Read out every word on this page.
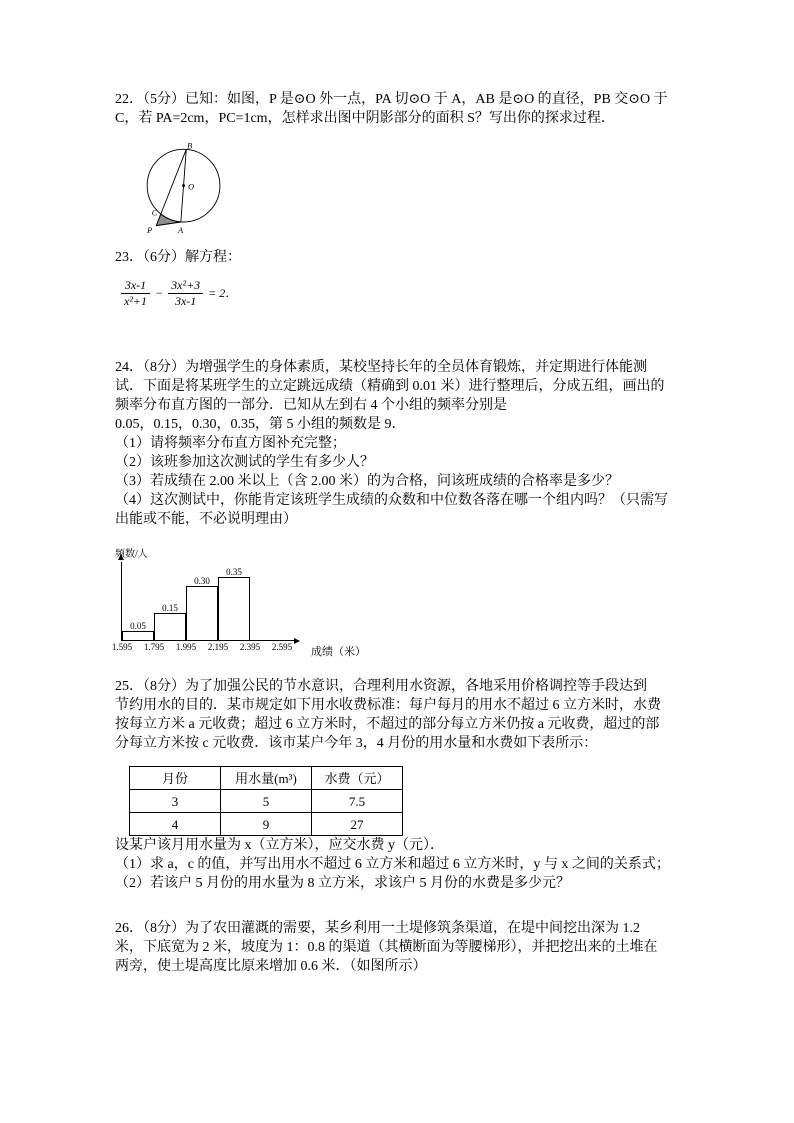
22．（5分）已知：如图，P 是⊙O 外一点，PA 切⊙O 于 A，AB 是⊙O 的直径，PB 交⊙O 于

C，若 PA=2cm，PC=1cm，怎样求出图中阴影部分的面积 S？写出你的探求过程．

B
O
C
P	A

23．（6分）解方程：

$\frac{3x-1}{\text{x²+1}} - \frac{\text{3x²+3}}{3x-1} = 2$．

24．（8分）为增强学生的身体素质，某校坚持长年的全员体育锻炼，并定期进行体能测

试．下面是将某班学生的立定跳远成绩（精确到 0.01 米）进行整理后，分成五组，画出的

频率分布直方图的一部分．已知从左到右 4 个小组的频率分别是

0.05，0.15，0.30，0.35，第 5 小组的频数是 9．

（1）请将频率分布直方图补充完整；

（2）该班参加这次测试的学生有多少人？

（3）若成绩在 2.00 米以上（含 2.00 米）的为合格，问该班成绩的合格率是多少？

（4）这次测试中，你能肯定该班学生成绩的众数和中位数各落在哪一个组内吗？（只需写

出能或不能，不必说明理由）

频数/人
0.05
0.15
0.30
0.35
1.595 1.795 1.995 2.195 2.395 2.595 成绩（米）

25．（8分）为了加强公民的节水意识，合理利用水资源，各地采用价格调控等手段达到

节约用水的目的．某市规定如下用水收费标准：每户每月的用水不超过 6 立方米时，水费

按每立方米 a 元收费；超过 6 立方米时，不超过的部分每立方米仍按 a 元收费，超过的部

分每立方米按 c 元收费．该市某户今年 3，4 月份的用水量和水费如下表所示：

月份	用水量(m³)	水费（元）
3	5	7.5
4	9	27

设某户该月用水量为 x（立方米），应交水费 y（元）．

（1）求 a，c 的值，并写出用水不超过 6 立方米和超过 6 立方米时，y 与 x 之间的关系式；

（2）若该户 5 月份的用水量为 8 立方米，求该户 5 月份的水费是多少元？

26．（8分）为了农田灌溉的需要，某乡利用一土堤修筑条渠道，在堤中间挖出深为 1.2

米，下底宽为 2 米，坡度为 1：0.8 的渠道（其横断面为等腰梯形），并把挖出来的土堆在

两旁，使土堤高度比原来增加 0.6 米．（如图所示）
